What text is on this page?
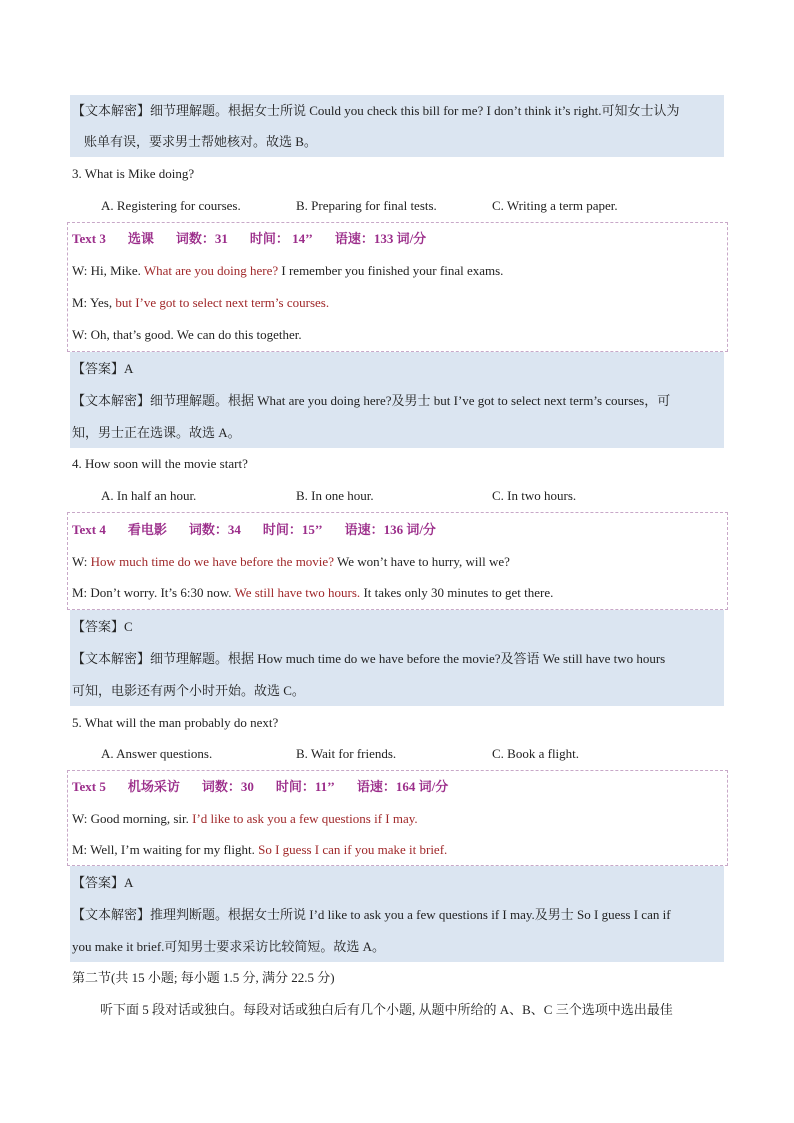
【文本解密】细节理解题。根据女士所说 Could you check this bill for me? I don’t think it’s right.可知女士认为
账单有误，要求男士帮她核对。故选 B。
3. What is Mike doing?
A. Registering for courses.	B. Preparing for final tests.	C. Writing a term paper.
Text 3 选课 词数：31 时间： 14’’ 语速：133 词/分
W: Hi, Mike. What are you doing here? I remember you finished your final exams.
M: Yes, but I’ve got to select next term’s courses.
W: Oh, that’s good. We can do this together.
【答案】A
【文本解密】细节理解题。根据 What are you doing here?及男士 but I’ve got to select next term’s courses，可
知，男士正在选课。故选 A。
4. How soon will the movie start?
A. In half an hour.	B. In one hour.	C. In two hours.
Text 4 看电影 词数：34 时间：15’’ 语速：136 词/分
W: How much time do we have before the movie? We won’t have to hurry, will we?
M: Don’t worry. It’s 6:30 now. We still have two hours. It takes only 30 minutes to get there.
【答案】C
【文本解密】细节理解题。根据 How much time do we have before the movie?及答语 We still have two hours
可知，电影还有两个小时开始。故选 C。
5. What will the man probably do next?
A. Answer questions.	B. Wait for friends.	C. Book a flight.
Text 5 机场采访 词数：30 时间：11’’ 语速：164 词/分
W: Good morning, sir. I’d like to ask you a few questions if I may.
M: Well, I’m waiting for my flight. So I guess I can if you make it brief.
【答案】A
【文本解密】推理判断题。根据女士所说 I’d like to ask you a few questions if I may.及男士 So I guess I can if
you make it brief.可知男士要求采访比较简短。故选 A。
第二节(共 15 小题; 每小题 1.5 分, 满分 22.5 分)
听下面 5 段对话或独白。每段对话或独白后有几个小题, 从题中所给的 A、B、C 三个选项中选出最佳
